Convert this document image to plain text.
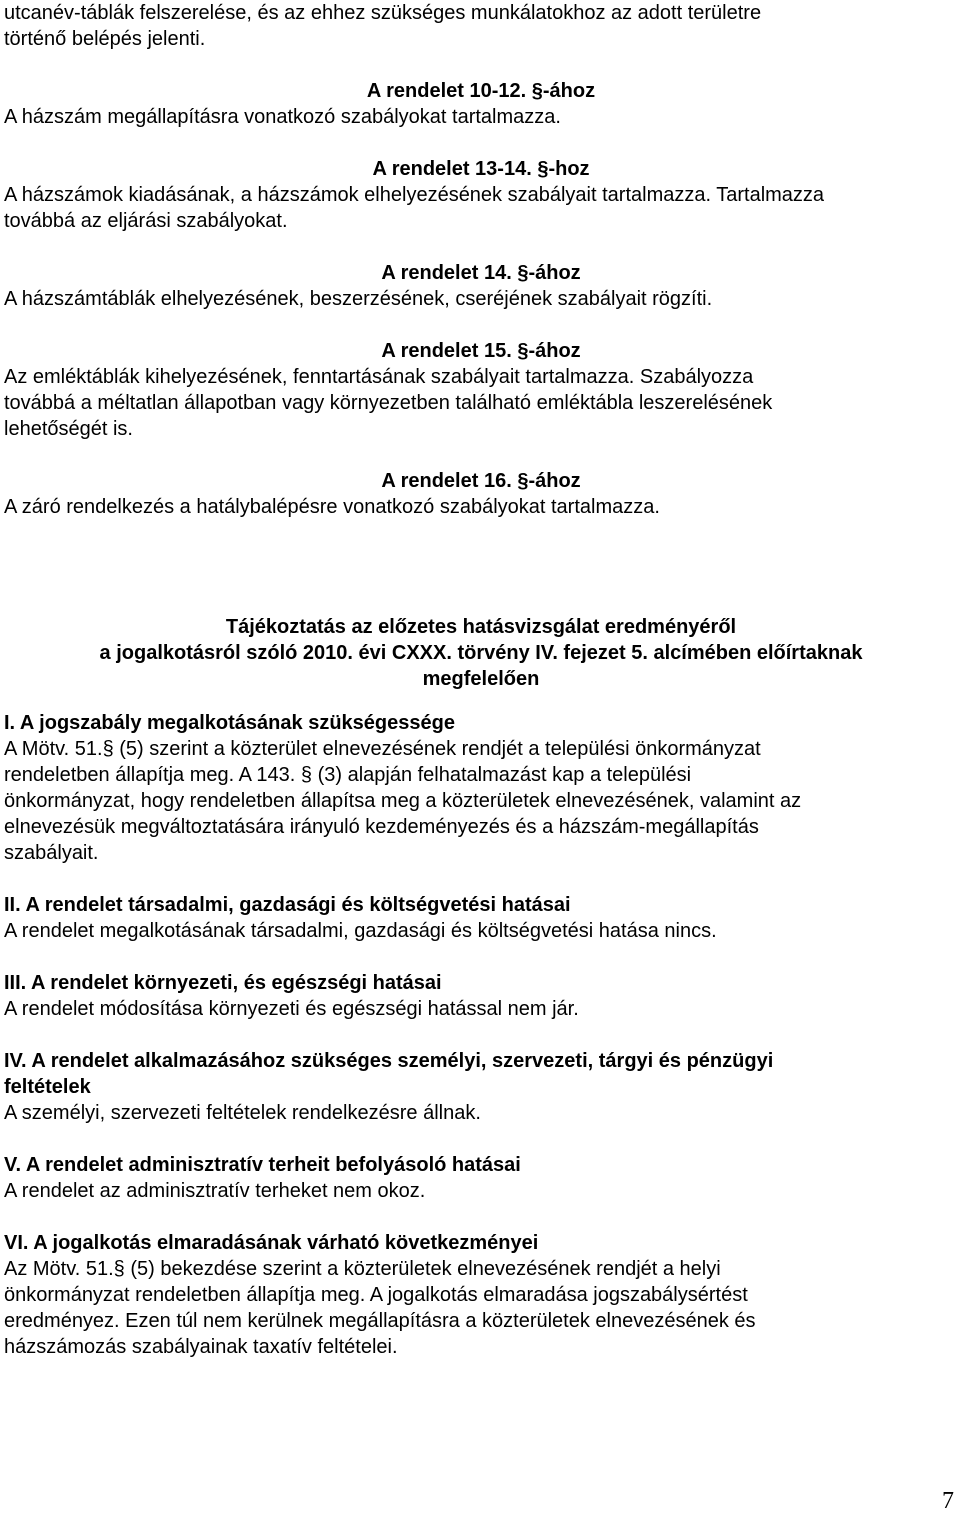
utcanév-táblák felszerelése, és az ehhez szükséges munkálatokhoz az adott területre

történő belépés jelenti.

A rendelet 10-12. §-ához

A házszám megállapításra vonatkozó szabályokat tartalmazza.

A rendelet 13-14. §-hoz

A házszámok kiadásának, a házszámok elhelyezésének szabályait tartalmazza. Tartalmazza

továbbá az eljárási szabályokat.

A rendelet 14. §-ához

A házszámtáblák elhelyezésének, beszerzésének, cseréjének szabályait rögzíti.

A rendelet 15. §-ához

Az emléktáblák kihelyezésének, fenntartásának szabályait tartalmazza. Szabályozza

továbbá a méltatlan állapotban vagy környezetben található emléktábla leszerelésének

lehetőségét is.

A rendelet 16. §-ához

A záró rendelkezés a hatálybalépésre vonatkozó szabályokat tartalmazza.

Tájékoztatás az előzetes hatásvizsgálat eredményéről

a jogalkotásról szóló 2010. évi CXXX. törvény IV. fejezet 5. alcímében előírtaknak

megfelelően

I. A jogszabály megalkotásának szükségessége

A Mötv. 51.§ (5) szerint a közterület elnevezésének rendjét a települési önkormányzat

rendeletben állapítja meg. A 143. § (3) alapján felhatalmazást kap a települési

önkormányzat, hogy rendeletben állapítsa meg a közterületek elnevezésének, valamint az

elnevezésük megváltoztatására irányuló kezdeményezés és a házszám-megállapítás

szabályait.

II. A rendelet társadalmi, gazdasági és költségvetési hatásai

A rendelet megalkotásának társadalmi, gazdasági és költségvetési hatása nincs.

III. A rendelet környezeti, és egészségi hatásai

A rendelet módosítása környezeti és egészségi hatással nem jár.

IV. A rendelet alkalmazásához szükséges személyi, szervezeti, tárgyi és pénzügyi

feltételek

A személyi, szervezeti feltételek rendelkezésre állnak.

V. A rendelet adminisztratív terheit befolyásoló hatásai

A rendelet az adminisztratív terheket nem okoz.

VI. A jogalkotás elmaradásának várható következményei

Az Mötv. 51.§ (5) bekezdése szerint a közterületek elnevezésének rendjét a helyi

önkormányzat rendeletben állapítja meg. A jogalkotás elmaradása jogszabálysértést

eredményez. Ezen túl nem kerülnek megállapításra a közterületek elnevezésének és

házszámozás szabályainak taxatív feltételei.

7
